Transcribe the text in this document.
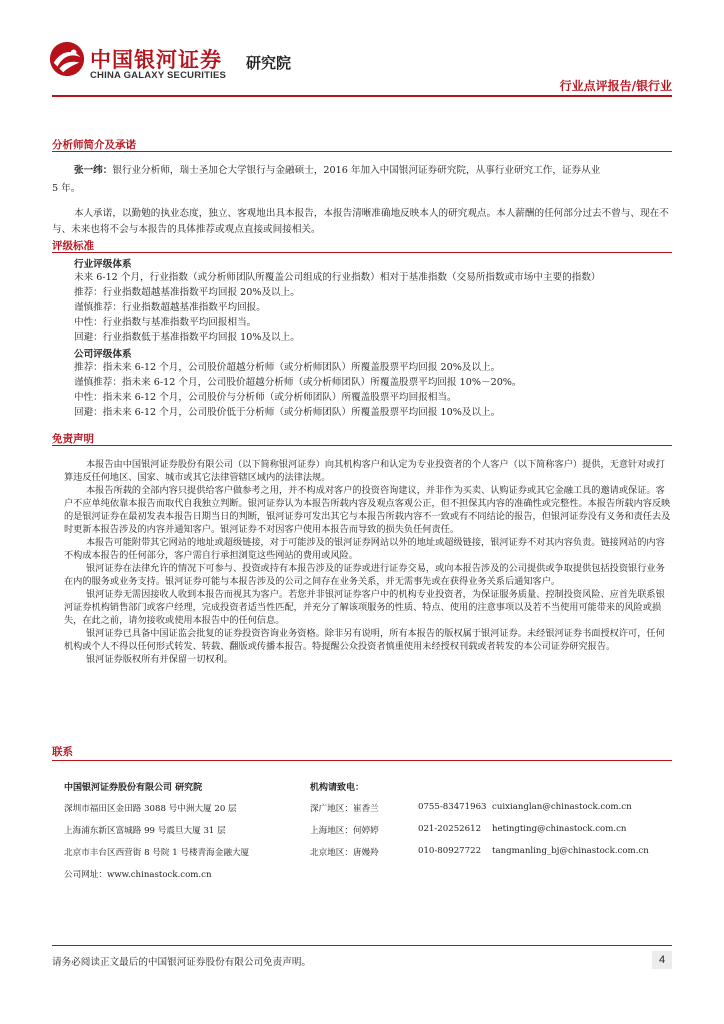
中国银河证券
CHINA GALAXY SECURITIES
研究院
行业点评报告/银行业
分析师简介及承诺
张一纬：银行业分析师，瑞士圣加仑大学银行与金融硕士，2016 年加入中国银河证券研究院，从事行业研究工作，证券从业
5 年。
本人承诺，以勤勉的执业态度，独立、客观地出具本报告，本报告清晰准确地反映本人的研究观点。本人薪酬的任何部分过去不曾与、现在不与、未来也将不会与本报告的具体推荐或观点直接或间接相关。
评级标准
行业评级体系
未来 6-12 个月，行业指数（或分析师团队所覆盖公司组成的行业指数）相对于基准指数（交易所指数或市场中主要的指数）
推荐：行业指数超越基准指数平均回报 20%及以上。
谨慎推荐：行业指数超越基准指数平均回报。
中性：行业指数与基准指数平均回报相当。
回避：行业指数低于基准指数平均回报 10%及以上。
公司评级体系
推荐：指未来 6-12 个月，公司股价超越分析师（或分析师团队）所覆盖股票平均回报 20%及以上。
谨慎推荐：指未来 6-12 个月，公司股价超越分析师（或分析师团队）所覆盖股票平均回报 10%－20%。
中性：指未来 6-12 个月，公司股价与分析师（或分析师团队）所覆盖股票平均回报相当。
回避：指未来 6-12 个月，公司股价低于分析师（或分析师团队）所覆盖股票平均回报 10%及以上。
免责声明

本报告由中国银河证券股份有限公司（以下简称银河证券）向其机构客户和认定为专业投资者的个人客户（以下简称客户）提供，无意针对或打算违反任何地区、国家、城市或其它法律管辖区域内的法律法规。

本报告所载的全部内容只提供给客户做参考之用，并不构成对客户的投资咨询建议，并非作为买卖、认购证券或其它金融工具的邀请或保证。客户不应单纯依靠本报告而取代自我独立判断。银河证券认为本报告所载内容及观点客观公正，但不担保其内容的准确性或完整性。本报告所载内容反映的是银河证券在最初发表本报告日期当日的判断，银河证券可发出其它与本报告所载内容不一致或有不同结论的报告，但银河证券没有义务和责任去及时更新本报告涉及的内容并通知客户。银河证券不对因客户使用本报告而导致的损失负任何责任。

本报告可能附带其它网站的地址或超级链接，对于可能涉及的银河证券网站以外的地址或超级链接，银河证券不对其内容负责。链接网站的内容不构成本报告的任何部分，客户需自行承担浏览这些网站的费用或风险。

银河证券在法律允许的情况下可参与、投资或持有本报告涉及的证券或进行证券交易，或向本报告涉及的公司提供或争取提供包括投资银行业务在内的服务或业务支持。银河证券可能与本报告涉及的公司之间存在业务关系，并无需事先或在获得业务关系后通知客户。

银河证券无需因接收人收到本报告而视其为客户。若您并非银河证券客户中的机构专业投资者，为保证服务质量、控制投资风险、应首先联系银河证券机构销售部门或客户经理，完成投资者适当性匹配，并充分了解该项服务的性质、特点、使用的注意事项以及若不当使用可能带来的风险或损失，在此之前，请勿接收或使用本报告中的任何信息。

银河证券已具备中国证监会批复的证券投资咨询业务资格。除非另有说明，所有本报告的版权属于银河证券。未经银河证券书面授权许可，任何机构或个人不得以任何形式转发、转载、翻版或传播本报告。特提醒公众投资者慎重使用未经授权刊载或者转发的本公司证券研究报告。

银河证券版权所有并保留一切权利。

联系
中国银河证券股份有限公司 研究院
深圳市福田区金田路 3088 号中洲大厦 20 层
上海浦东新区富城路 99 号震旦大厦 31 层
北京市丰台区西营街 8 号院 1 号楼青海金融大厦
公司网址：www.chinastock.com.cn
机构请致电：
深广地区：崔香兰	0755-83471963 cuixianglan@chinastock.com.cn
上海地区：何婷婷	021-20252612 hetingting@chinastock.com.cn
北京地区：唐嫚羚	010-80927722 tangmanling_bj@chinastock.com.cn
请务必阅读正文最后的中国银河证券股份有限公司免责声明。	4
